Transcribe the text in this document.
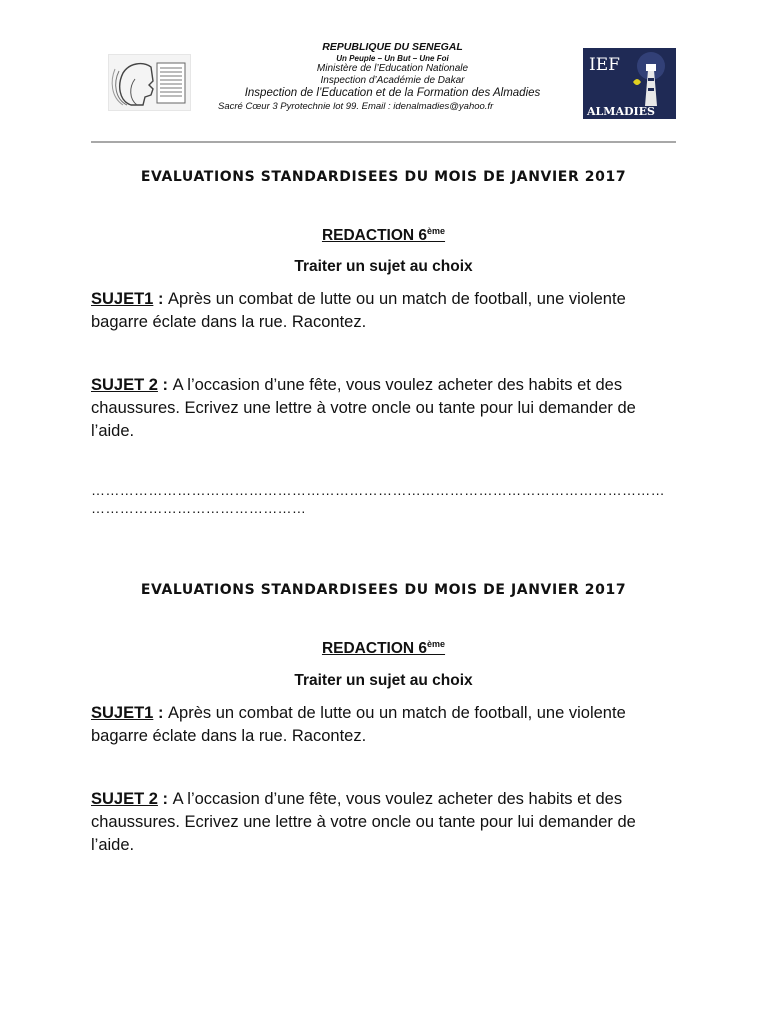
IEF
ALMADIES
REPUBLIQUE DU SENEGAL
Un Peuple – Un But – Une Foi
Ministère de l’Education Nationale
Inspection d’Académie de Dakar
Inspection de l’Education et de la Formation des Almadies
Sacré Cœur 3 Pyrotechnie lot 99. Email : idenalmadies@yahoo.fr
EVALUATIONS STANDARDISEES DU MOIS DE JANVIER 2017
REDACTION 6ème
Traiter un sujet au choix
SUJET1 : Après un combat de lutte ou un match de football, une violente bagarre éclate dans la rue. Racontez.
SUJET 2 : A l’occasion d’une fête, vous voulez acheter des habits et des chaussures. Ecrivez une lettre à votre oncle ou tante pour lui demander de l’aide.
…………………………………………………………………………………………………………
………………………………………
EVALUATIONS STANDARDISEES DU MOIS DE JANVIER 2017
REDACTION 6ème
Traiter un sujet au choix
SUJET1 : Après un combat de lutte ou un match de football, une violente bagarre éclate dans la rue. Racontez.
SUJET 2 : A l’occasion d’une fête, vous voulez acheter des habits et des chaussures. Ecrivez une lettre à votre oncle ou tante pour lui demander de l’aide.
